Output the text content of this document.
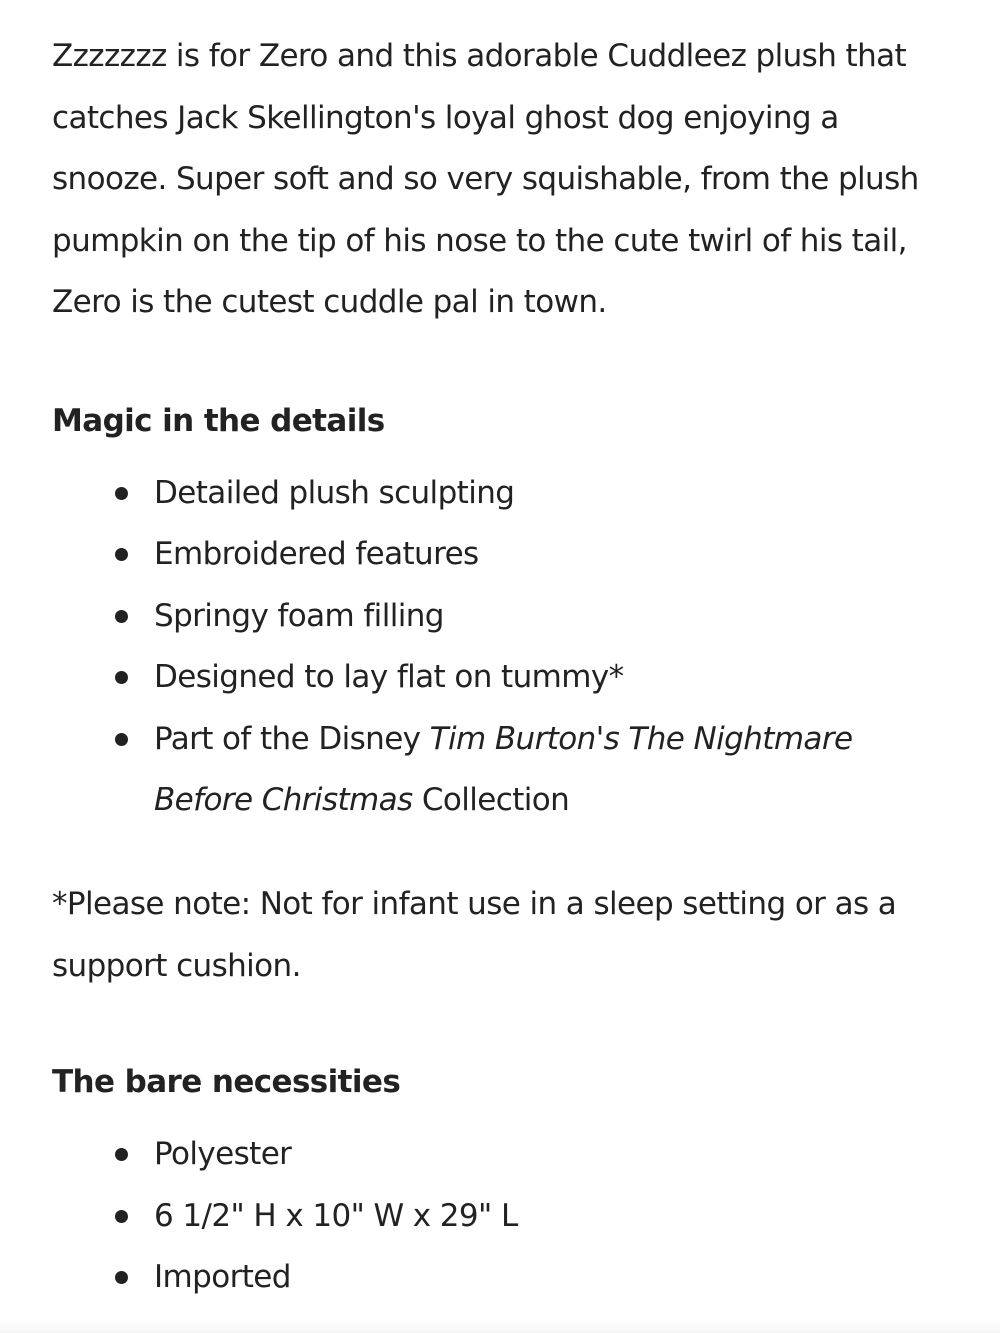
Zzzzzzz is for Zero and this adorable Cuddleez plush that catches Jack Skellington's loyal ghost dog enjoying a snooze. Super soft and so very squishable, from the plush pumpkin on the tip of his nose to the cute twirl of his tail, Zero is the cutest cuddle pal in town.

Magic in the details
Detailed plush sculpting
Embroidered features
Springy foam filling
Designed to lay flat on tummy*
Part of the Disney Tim Burton's The Nightmare Before Christmas Collection

*Please note: Not for infant use in a sleep setting or as a support cushion.

The bare necessities
Polyester
6 1/2" H x 10" W x 29" L
Imported
